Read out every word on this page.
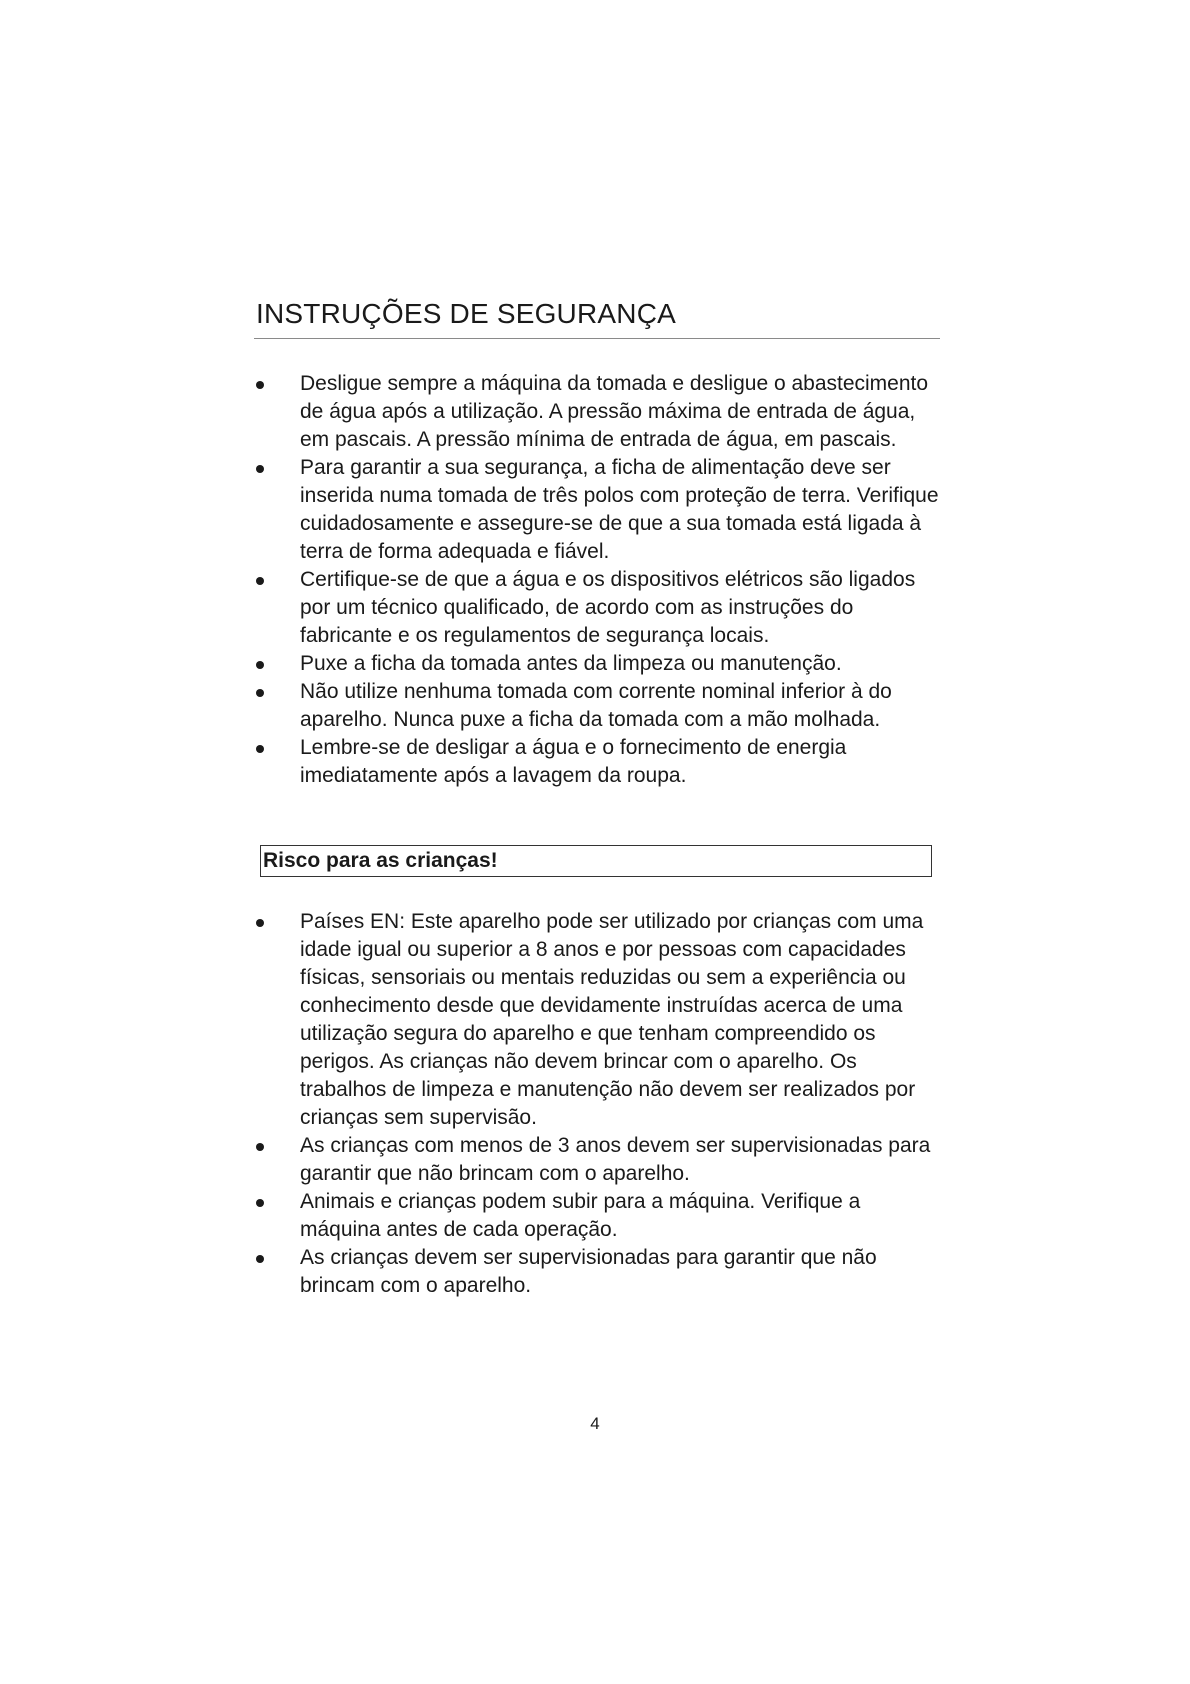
INSTRUÇÕES DE SEGURANÇA
Desligue sempre a máquina da tomada e desligue o abastecimento de água após a utilização. A pressão máxima de entrada de água, em pascais. A pressão mínima de entrada de água, em pascais.
Para garantir a sua segurança, a ficha de alimentação deve ser inserida numa tomada de três polos com proteção de terra. Verifique cuidadosamente e assegure-se de que a sua tomada está ligada à terra de forma adequada e fiável.
Certifique-se de que a água e os dispositivos elétricos são ligados por um técnico qualificado, de acordo com as instruções do fabricante e os regulamentos de segurança locais.
Puxe a ficha da tomada antes da limpeza ou manutenção.
Não utilize nenhuma tomada com corrente nominal inferior à do aparelho. Nunca puxe a ficha da tomada com a mão molhada.
Lembre-se de desligar a água e o fornecimento de energia imediatamente após a lavagem da roupa.
Risco para as crianças!
Países EN: Este aparelho pode ser utilizado por crianças com uma idade igual ou superior a 8 anos e por pessoas com capacidades físicas, sensoriais ou mentais reduzidas ou sem a experiência ou conhecimento desde que devidamente instruídas acerca de uma utilização segura do aparelho e que tenham compreendido os perigos. As crianças não devem brincar com o aparelho. Os trabalhos de limpeza e manutenção não devem ser realizados por crianças sem supervisão.
As crianças com menos de 3 anos devem ser supervisionadas para garantir que não brincam com o aparelho.
Animais e crianças podem subir para a máquina. Verifique a máquina antes de cada operação.
As crianças devem ser supervisionadas para garantir que não brincam com o aparelho.
4
